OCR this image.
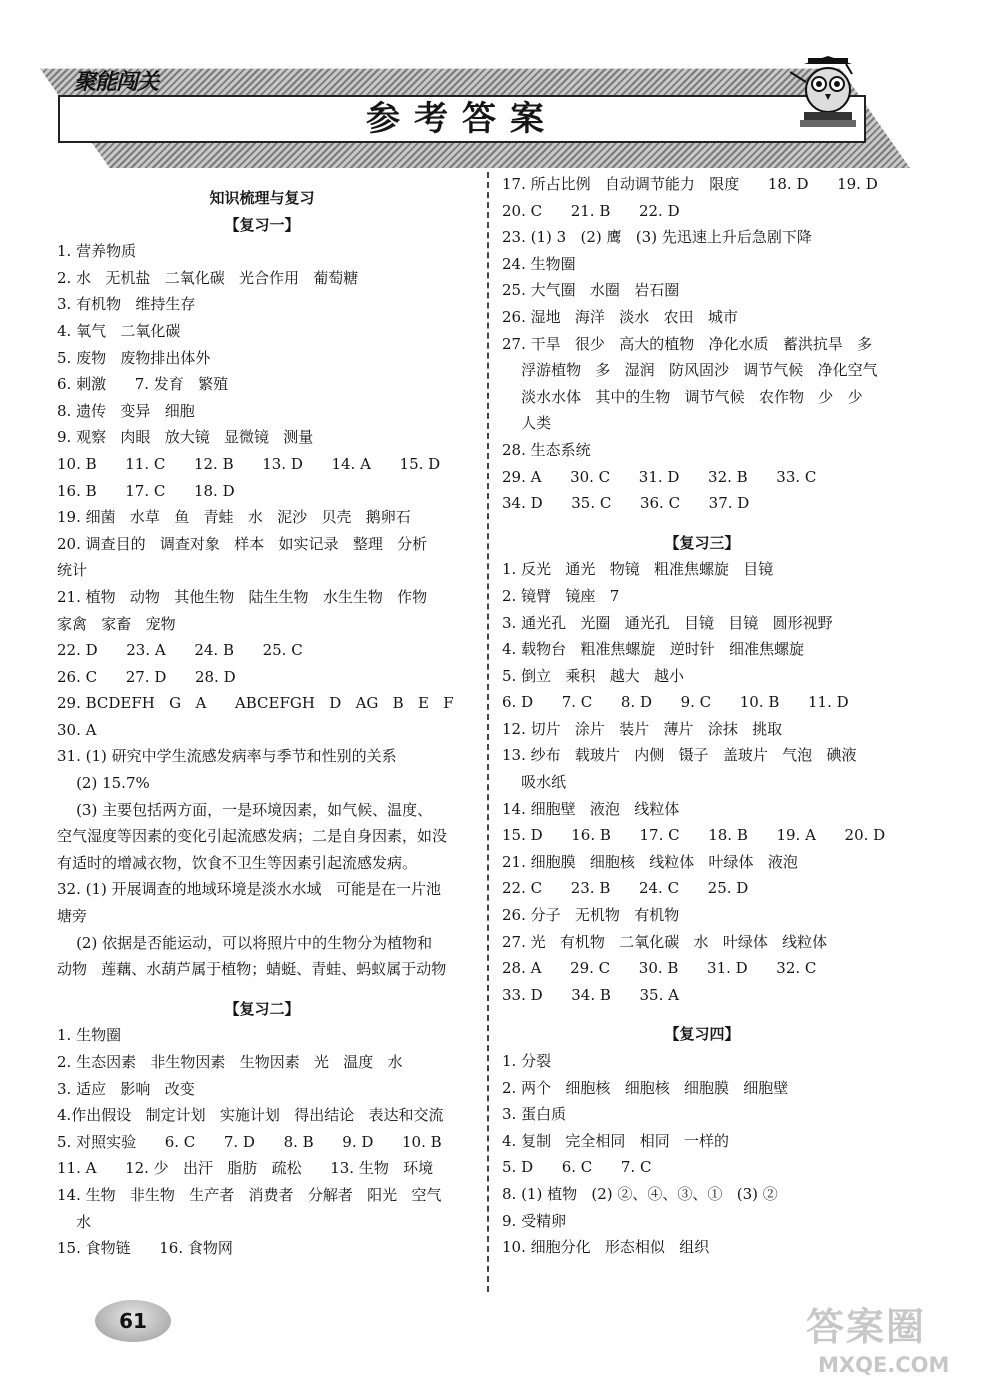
聚能闯关
参考答案
知识梳理与复习
【复习一】
1. 营养物质
2. 水   无机盐   二氧化碳   光合作用   葡萄糖
3. 有机物   维持生存
4. 氧气   二氧化碳
5. 废物   废物排出体外
6. 刺激      7. 发育   繁殖
8. 遗传   变异   细胞
9. 观察   肉眼   放大镜   显微镜   测量
10. B      11. C      12. B      13. D      14. A      15. D
16. B      17. C      18. D
19. 细菌   水草   鱼   青蛙   水   泥沙   贝壳   鹅卵石
20. 调查目的   调查对象   样本   如实记录   整理   分析
统计
21. 植物   动物   其他生物   陆生生物   水生生物   作物
家禽   家畜   宠物
22. D      23. A      24. B      25. C
26. C      27. D      28. D
29. BCDEFH   G   A      ABCEFGH   D   AG   B   E   F
30. A
31. (1) 研究中学生流感发病率与季节和性别的关系
(2) 15.7%
(3) 主要包括两方面，一是环境因素，如气候、温度、
空气湿度等因素的变化引起流感发病；二是自身因素，如没
有适时的增减衣物，饮食不卫生等因素引起流感发病。
32. (1) 开展调查的地域环境是淡水水域   可能是在一片池
塘旁
(2) 依据是否能运动，可以将照片中的生物分为植物和
动物   莲藕、水葫芦属于植物；蜻蜓、青蛙、蚂蚁属于动物
【复习二】
1. 生物圈
2. 生态因素   非生物因素   生物因素   光   温度   水
3. 适应   影响   改变
4.作出假设   制定计划   实施计划   得出结论   表达和交流
5. 对照实验      6. C      7. D      8. B      9. D      10. B
11. A      12. 少   出汗   脂肪   疏松      13. 生物   环境
14. 生物   非生物   生产者   消费者   分解者   阳光   空气
水
15. 食物链      16. 食物网
17. 所占比例   自动调节能力   限度      18. D      19. D
20. C      21. B      22. D
23. (1) 3   (2) 鹰   (3) 先迅速上升后急剧下降
24. 生物圈
25. 大气圈   水圈   岩石圈
26. 湿地   海洋   淡水   农田   城市
27. 干旱   很少   高大的植物   净化水质   蓄洪抗旱   多
浮游植物   多   湿润   防风固沙   调节气候   净化空气
淡水水体   其中的生物   调节气候   农作物   少   少
人类
28. 生态系统
29. A      30. C      31. D      32. B      33. C
34. D      35. C      36. C      37. D
【复习三】
1. 反光   通光   物镜   粗准焦螺旋   目镜
2. 镜臂   镜座   7
3. 通光孔   光圈   通光孔   目镜   目镜   圆形视野
4. 载物台   粗准焦螺旋   逆时针   细准焦螺旋
5. 倒立   乘积   越大   越小
6. D      7. C      8. D      9. C      10. B      11. D
12. 切片   涂片   装片   薄片   涂抹   挑取
13. 纱布   载玻片   内侧   镊子   盖玻片   气泡   碘液
吸水纸
14. 细胞壁   液泡   线粒体
15. D      16. B      17. C      18. B      19. A      20. D
21. 细胞膜   细胞核   线粒体   叶绿体   液泡
22. C      23. B      24. C      25. D
26. 分子   无机物   有机物
27. 光   有机物   二氧化碳   水   叶绿体   线粒体
28. A      29. C      30. B      31. D      32. C
33. D      34. B      35. A
【复习四】
1. 分裂
2. 两个   细胞核   细胞核   细胞膜   细胞壁
3. 蛋白质
4. 复制   完全相同   相同   一样的
5. D      6. C      7. C
8. (1) 植物   (2) ②、④、③、①   (3) ②
9. 受精卵
10. 细胞分化   形态相似   组织
61	答案圈
MXQE.COM
